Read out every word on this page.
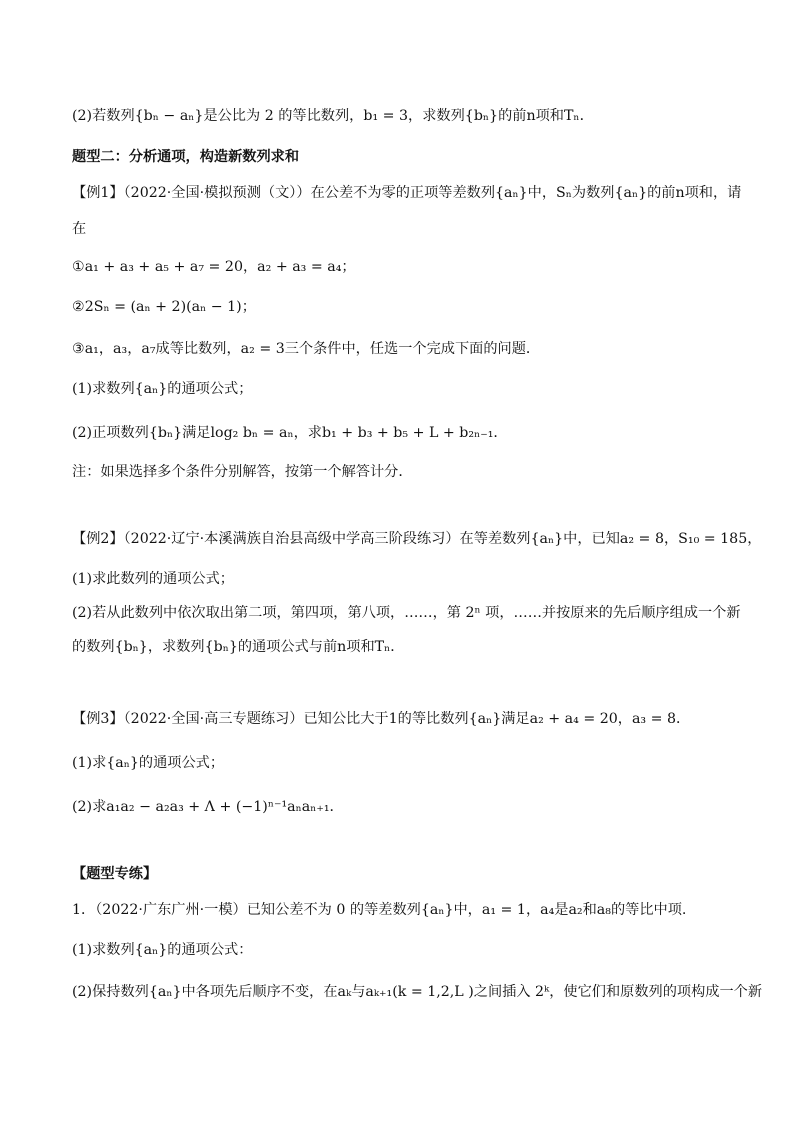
(2)若数列{bₙ − aₙ}是公比为 2 的等比数列，b₁ = 3，求数列{bₙ}的前n项和Tₙ．
题型二：分析通项，构造新数列求和
【例1】（2022·全国·模拟预测（文））在公差不为零的正项等差数列{aₙ}中，Sₙ为数列{aₙ}的前n项和，请
在
①a₁ + a₃ + a₅ + a₇ = 20，a₂ + a₃ = a₄；
②2Sₙ = (aₙ + 2)(aₙ − 1)；
③a₁，a₃，a₇成等比数列，a₂ = 3三个条件中，任选一个完成下面的问题．
(1)求数列{aₙ}的通项公式；
(2)正项数列{bₙ}满足log₂ bₙ = aₙ，求b₁ + b₃ + b₅ + L + b₂ₙ₋₁．
注：如果选择多个条件分别解答，按第一个解答计分．
【例2】（2022·辽宁·本溪满族自治县高级中学高三阶段练习）在等差数列{aₙ}中，已知a₂ = 8，S₁₀ = 185，
(1)求此数列的通项公式；
(2)若从此数列中依次取出第二项，第四项，第八项，……，第 2ⁿ 项，……并按原来的先后顺序组成一个新
的数列{bₙ}，求数列{bₙ}的通项公式与前n项和Tₙ．
【例3】（2022·全国·高三专题练习）已知公比大于1的等比数列{aₙ}满足a₂ + a₄ = 20，a₃ = 8．
(1)求{aₙ}的通项公式；
(2)求a₁a₂ − a₂a₃ + Λ + (−1)ⁿ⁻¹aₙaₙ₊₁．
【题型专练】
1．（2022·广东广州·一模）已知公差不为 0 的等差数列{aₙ}中，a₁ = 1，a₄是a₂和a₈的等比中项.
(1)求数列{aₙ}的通项公式：
(2)保持数列{aₙ}中各项先后顺序不变，在aₖ与aₖ₊₁(k = 1,2,L )之间插入 2ᵏ，使它们和原数列的项构成一个新
